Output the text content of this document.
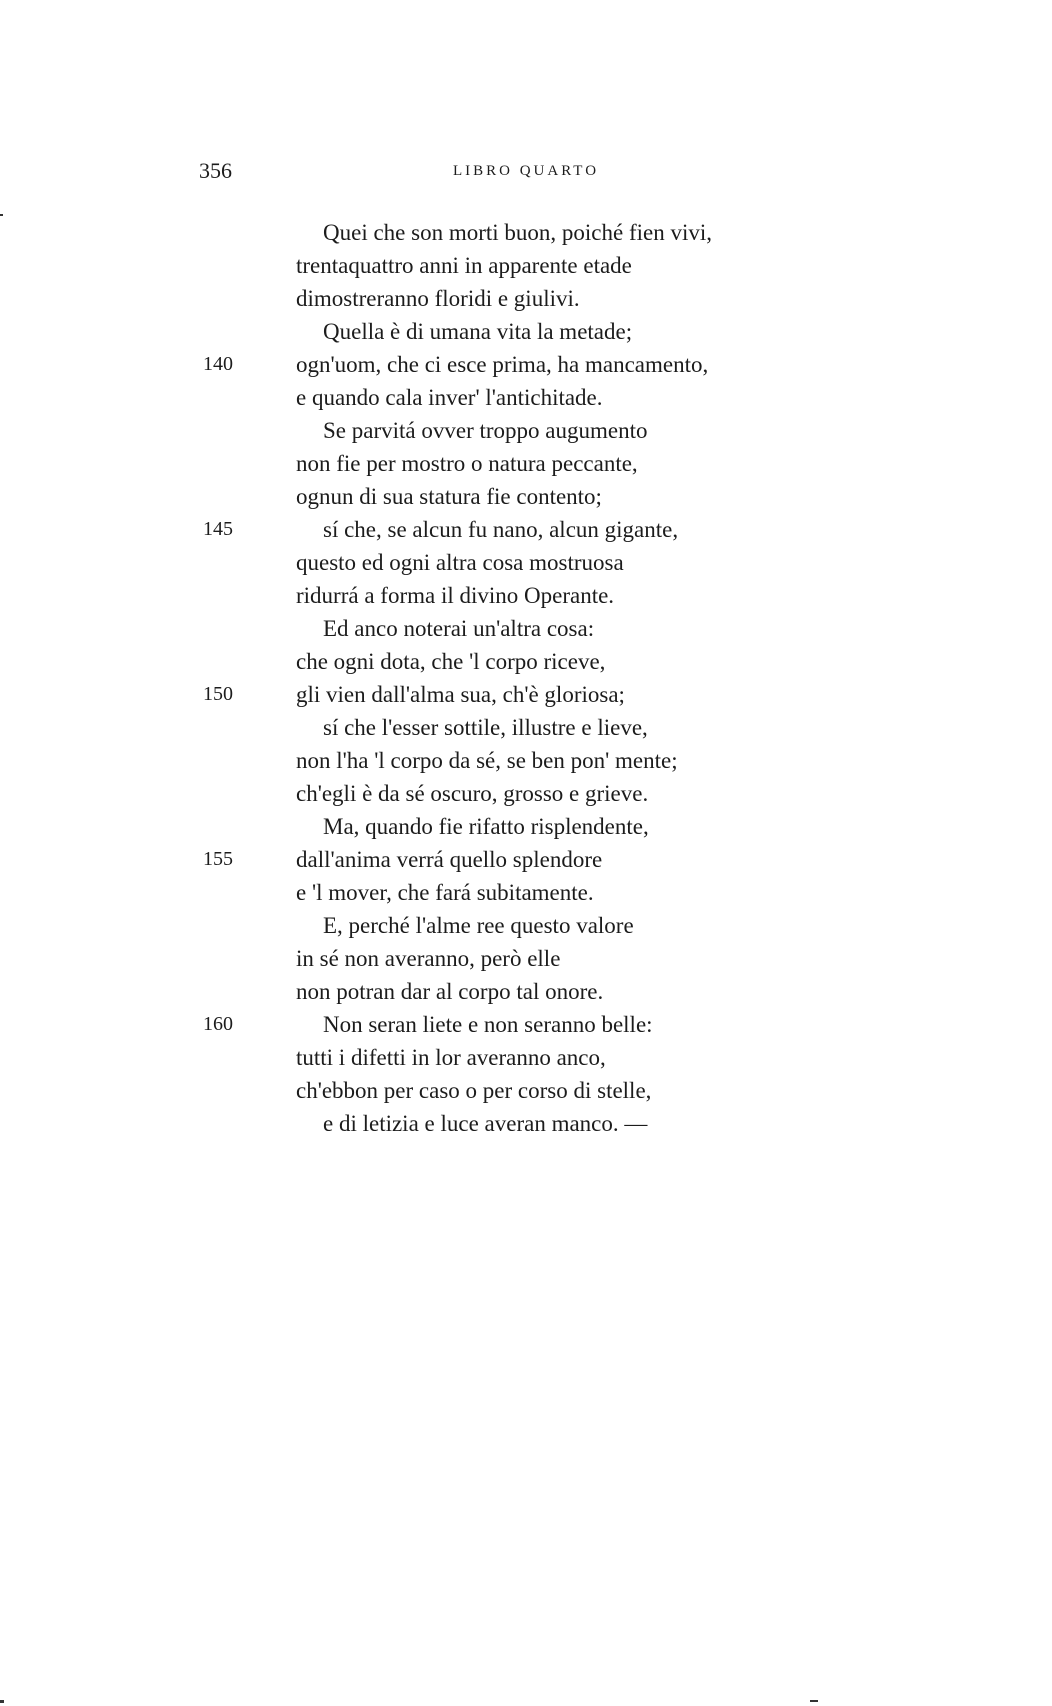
356	LIBRO QUARTO
Quei che son morti buon, poiché fien vivi,
trentaquattro anni in apparente etade
dimostreranno floridi e giulivi.
Quella è di umana vita la metade;
140	ogn'uom, che ci esce prima, ha mancamento,
e quando cala inver' l'antichitade.
Se parvitá ovver troppo augumento
non fie per mostro o natura peccante,
ognun di sua statura fie contento;
145	sí che, se alcun fu nano, alcun gigante,
questo ed ogni altra cosa mostruosa
ridurrá a forma il divino Operante.
Ed anco noterai un'altra cosa:
che ogni dota, che 'l corpo riceve,
150	gli vien dall'alma sua, ch'è gloriosa;
sí che l'esser sottile, illustre e lieve,
non l'ha 'l corpo da sé, se ben pon' mente;
ch'egli è da sé oscuro, grosso e grieve.
Ma, quando fie rifatto risplendente,
155	dall'anima verrá quello splendore
e 'l mover, che fará subitamente.
E, perché l'alme ree questo valore
in sé non averanno, però elle
non potran dar al corpo tal onore.
160	Non seran liete e non seranno belle:
tutti i difetti in lor averanno anco,
ch'ebbon per caso o per corso di stelle,
e di letizia e luce averan manco. —
